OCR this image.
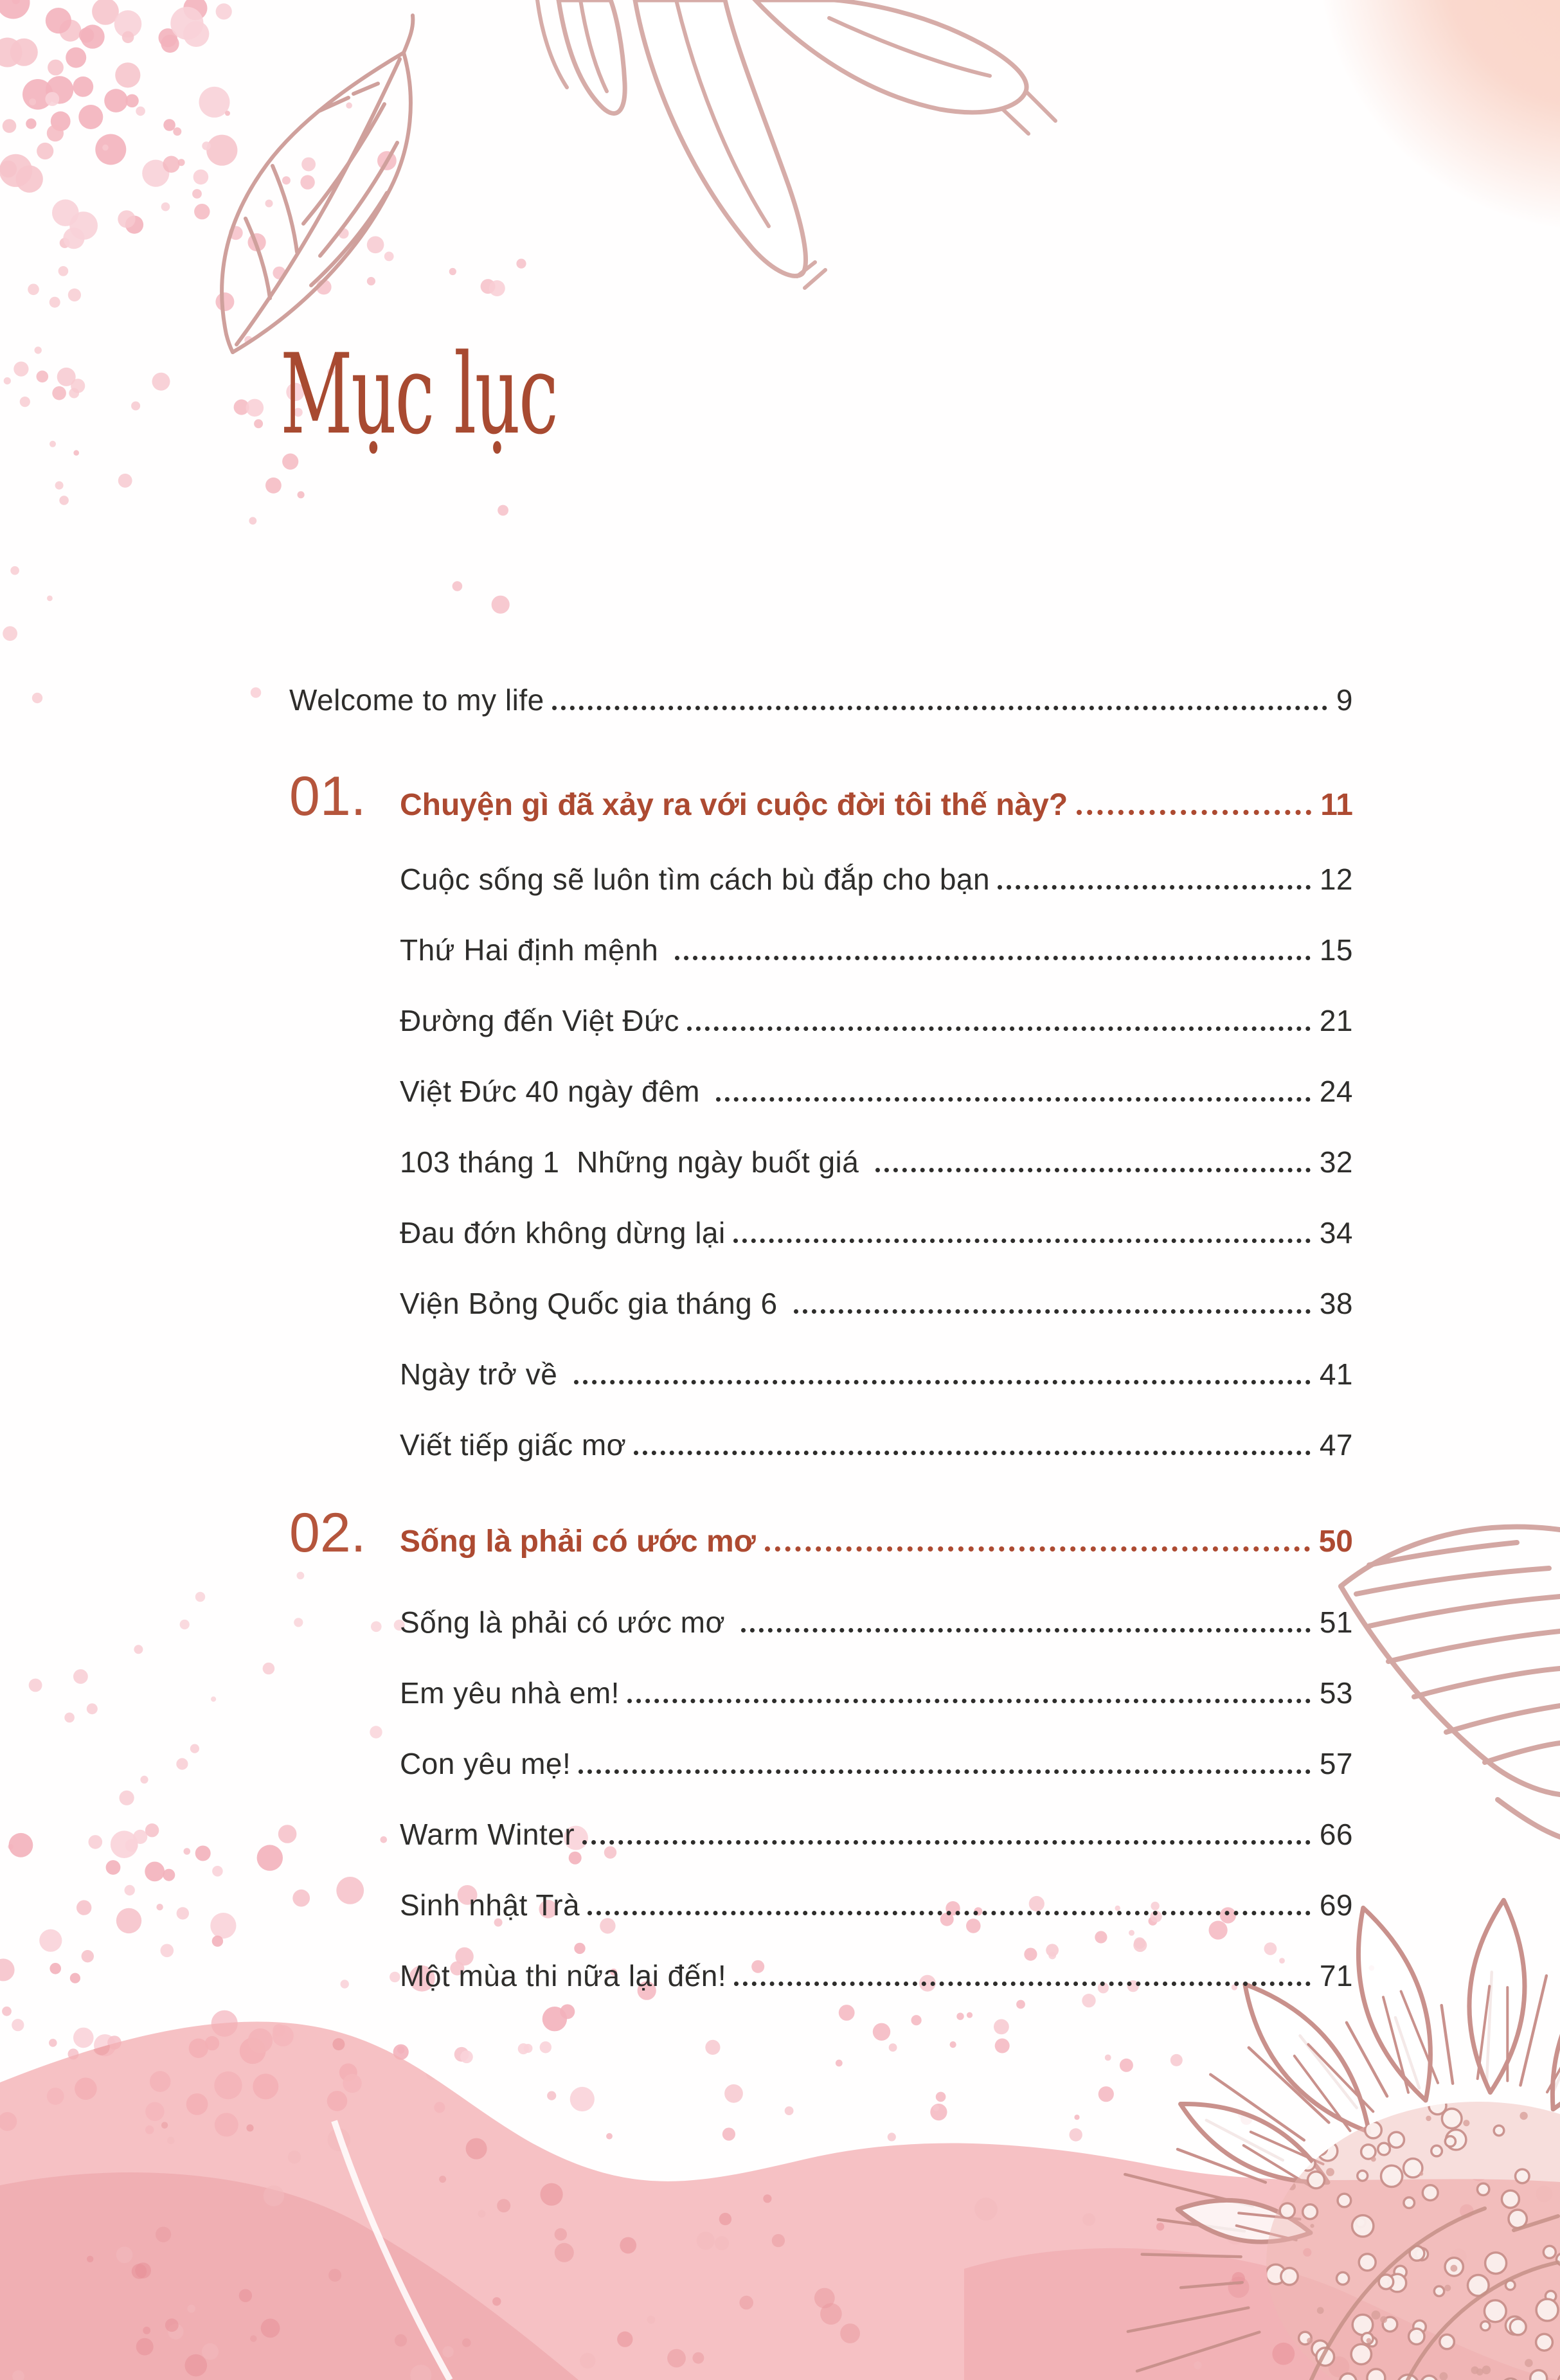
Mục lục
Welcome to my life	9
01.	Chuyện gì đã xảy ra với cuộc đời tôi thế này?	11
Cuộc sống sẽ luôn tìm cách bù đắp cho bạn	12
Thứ Hai định mệnh	15
Đường đến Việt Đức	21
Việt Đức 40 ngày đêm	24
103 tháng 1  Những ngày buốt giá	32
Đau đớn không dừng lại	34
Viện Bỏng Quốc gia tháng 6	38
Ngày trở về	41
Viết tiếp giấc mơ	47
02.	Sống là phải có ước mơ	50
Sống là phải có ước mơ	51
Em yêu nhà em!	53
Con yêu mẹ!	57
Warm Winter	66
Sinh nhật Trà	69
Một mùa thi nữa lại đến!	71
